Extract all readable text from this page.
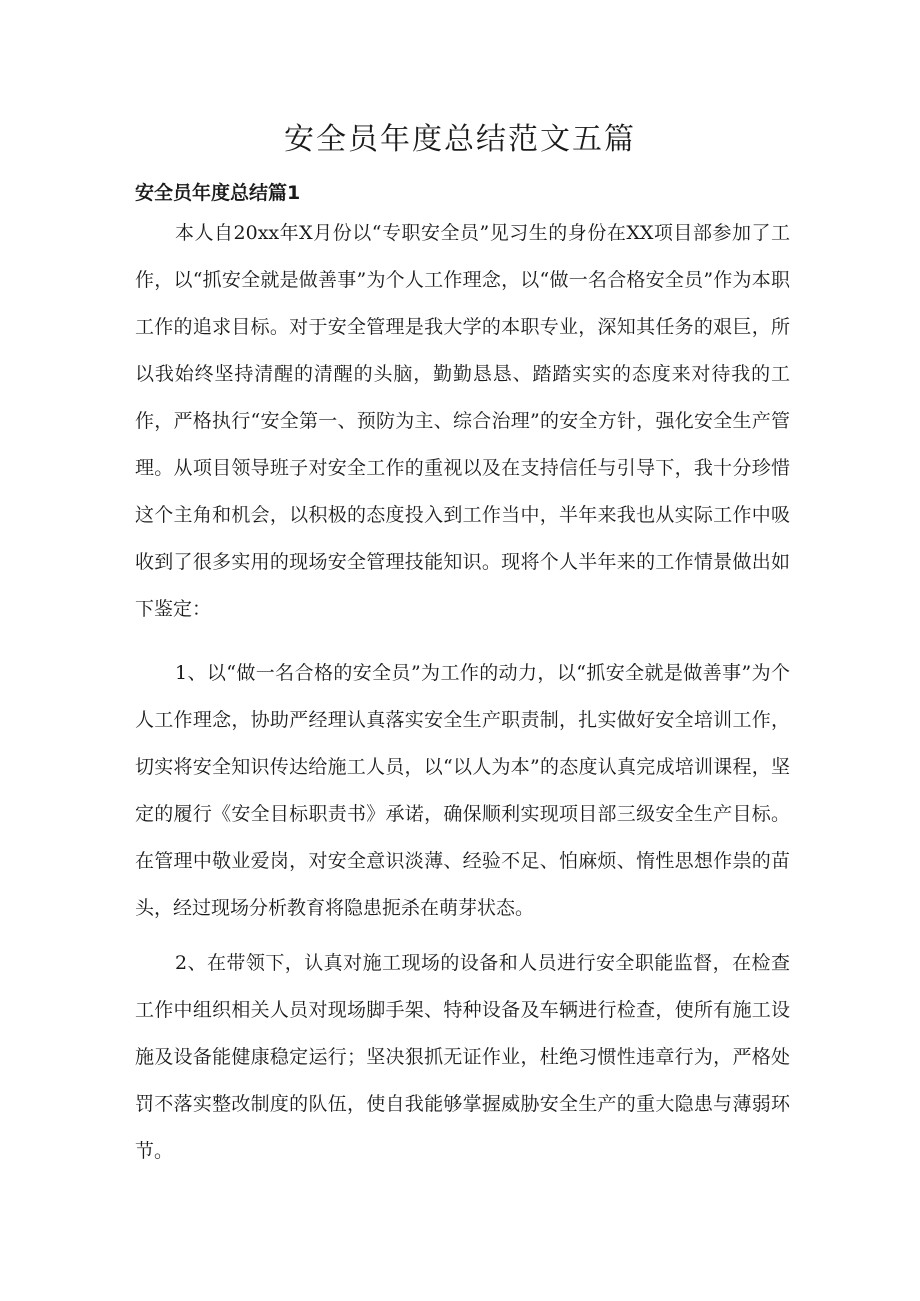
安全员年度总结范文五篇
安全员年度总结篇1

本人自20xx年X月份以“专职安全员”见习生的身份在XX项目部参加了工作，以“抓安全就是做善事”为个人工作理念，以“做一名合格安全员”作为本职工作的追求目标。对于安全管理是我大学的本职专业，深知其任务的艰巨，所以我始终坚持清醒的清醒的头脑，勤勤恳恳、踏踏实实的态度来对待我的工作，严格执行“安全第一、预防为主、综合治理”的安全方针，强化安全生产管理。从项目领导班子对安全工作的重视以及在支持信任与引导下，我十分珍惜这个主角和机会，以积极的态度投入到工作当中，半年来我也从实际工作中吸收到了很多实用的现场安全管理技能知识。现将个人半年来的工作情景做出如下鉴定：

1、以“做一名合格的安全员”为工作的动力，以“抓安全就是做善事”为个人工作理念，协助严经理认真落实安全生产职责制，扎实做好安全培训工作，切实将安全知识传达给施工人员，以“以人为本”的态度认真完成培训课程，坚定的履行《安全目标职责书》承诺，确保顺利实现项目部三级安全生产目标。在管理中敬业爱岗，对安全意识淡薄、经验不足、怕麻烦、惰性思想作祟的苗头，经过现场分析教育将隐患扼杀在萌芽状态。

2、在带领下，认真对施工现场的设备和人员进行安全职能监督，在检查工作中组织相关人员对现场脚手架、特种设备及车辆进行检查，使所有施工设施及设备能健康稳定运行；坚决狠抓无证作业，杜绝习惯性违章行为，严格处罚不落实整改制度的队伍，使自我能够掌握威胁安全生产的重大隐患与薄弱环节。
